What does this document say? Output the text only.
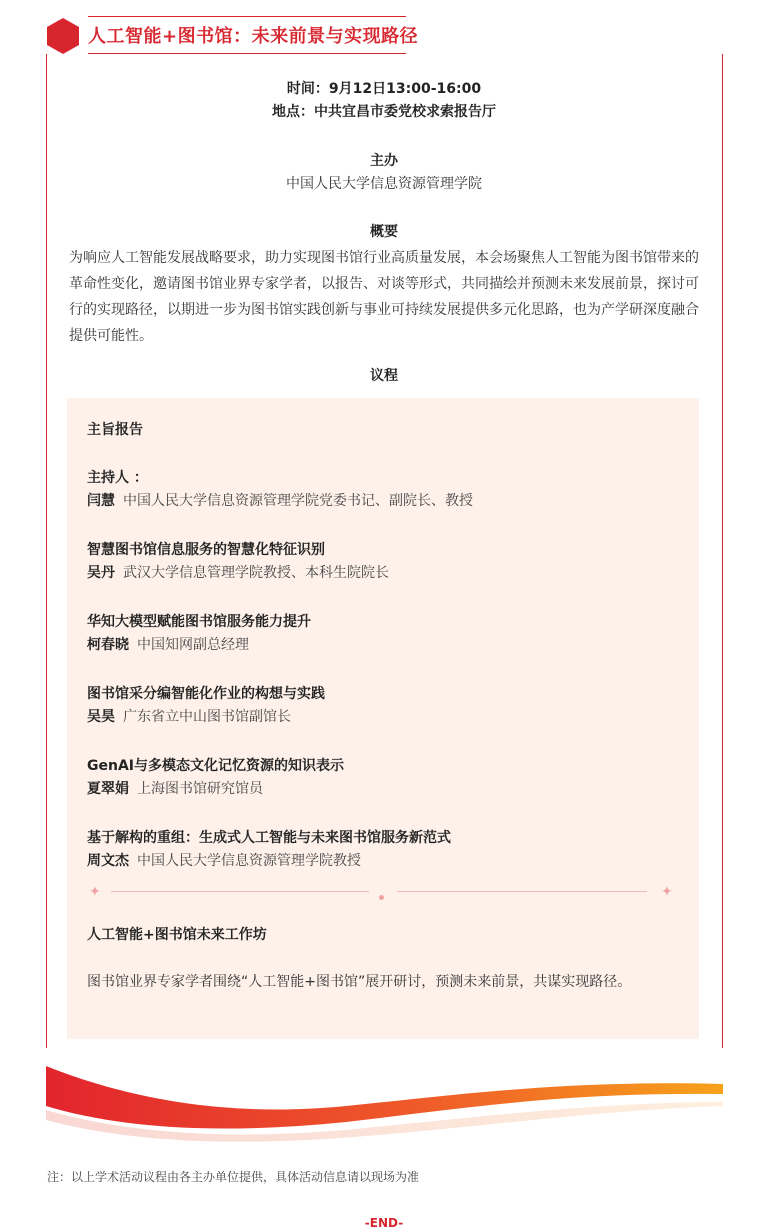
人工智能+图书馆：未来前景与实现路径
时间：9月12日13:00-16:00
地点：中共宜昌市委党校求索报告厅
主办
中国人民大学信息资源管理学院
概要
为响应人工智能发展战略要求，助力实现图书馆行业高质量发展，本会场聚焦人工智能为图书馆带来的革命性变化，邀请图书馆业界专家学者，以报告、对谈等形式，共同描绘并预测未来发展前景，探讨可行的实现路径，以期进一步为图书馆实践创新与事业可持续发展提供多元化思路，也为产学研深度融合提供可能性。
议程
主旨报告
主持人 ：
闫慧 中国人民大学信息资源管理学院党委书记、副院长、教授
智慧图书馆信息服务的智慧化特征识别
吴丹 武汉大学信息管理学院教授、本科生院院长
华知大模型赋能图书馆服务能力提升
柯春晓 中国知网副总经理
图书馆采分编智能化作业的构想与实践
吴昊 广东省立中山图书馆副馆长
GenAI与多模态文化记忆资源的知识表示
夏翠娟 上海图书馆研究馆员
基于解构的重组：生成式人工智能与未来图书馆服务新范式
周文杰 中国人民大学信息资源管理学院教授
✦	✦
人工智能+图书馆未来工作坊
图书馆业界专家学者围绕“人工智能+图书馆”展开研讨，预测未来前景，共谋实现路径。
注：以上学术活动议程由各主办单位提供，具体活动信息请以现场为准
-END-
